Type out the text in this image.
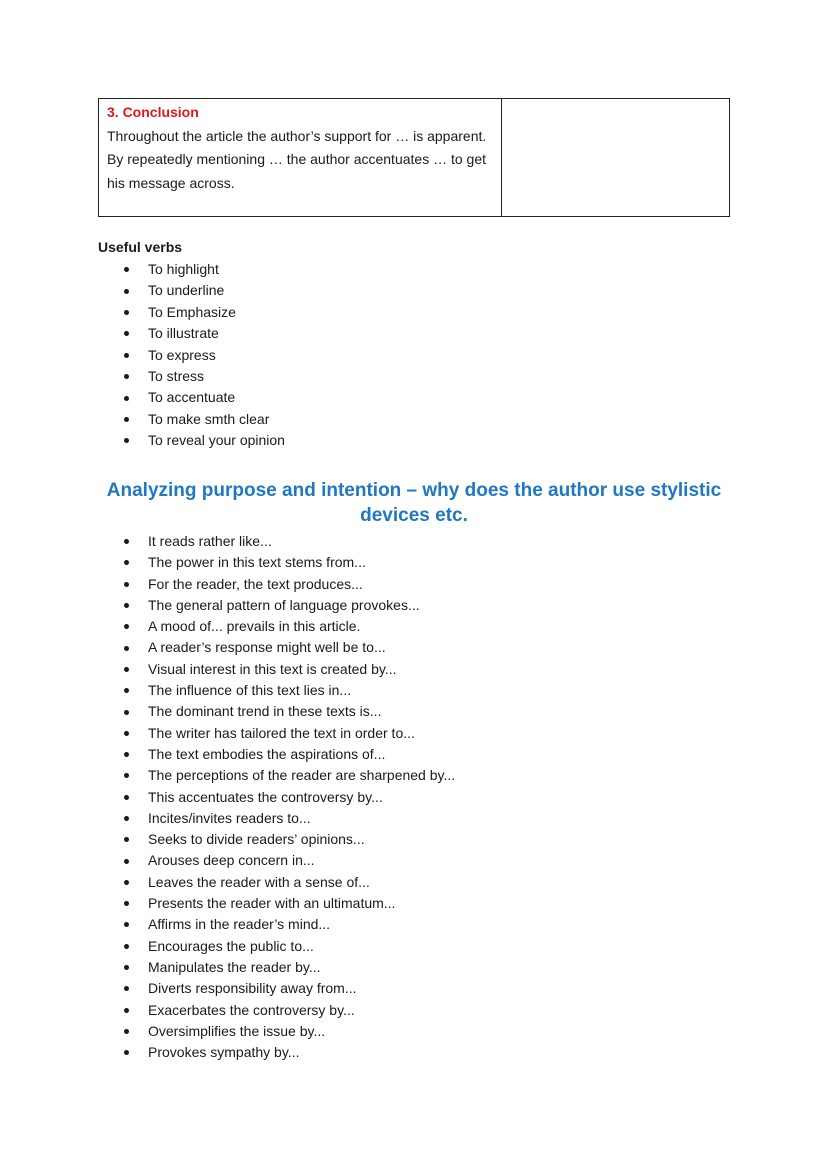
3. Conclusion
Throughout the article the author’s support for … is apparent.
By repeatedly mentioning … the author accentuates … to get his message across.

Useful verbs
To highlight
To underline
To Emphasize
To illustrate
To express
To stress
To accentuate
To make smth clear
To reveal your opinion
Analyzing purpose and intention – why does the author use stylistic devices etc.
It reads rather like...
The power in this text stems from...
For the reader, the text produces...
The general pattern of language provokes...
A mood of... prevails in this article.
A reader’s response might well be to...
Visual interest in this text is created by...
The influence of this text lies in...
The dominant trend in these texts is...
The writer has tailored the text in order to...
The text embodies the aspirations of...
The perceptions of the reader are sharpened by...
This accentuates the controversy by...
Incites/invites readers to...
Seeks to divide readers’ opinions...
Arouses deep concern in...
Leaves the reader with a sense of...
Presents the reader with an ultimatum...
Affirms in the reader’s mind...
Encourages the public to...
Manipulates the reader by...
Diverts responsibility away from...
Exacerbates the controversy by...
Oversimplifies the issue by...
Provokes sympathy by...
